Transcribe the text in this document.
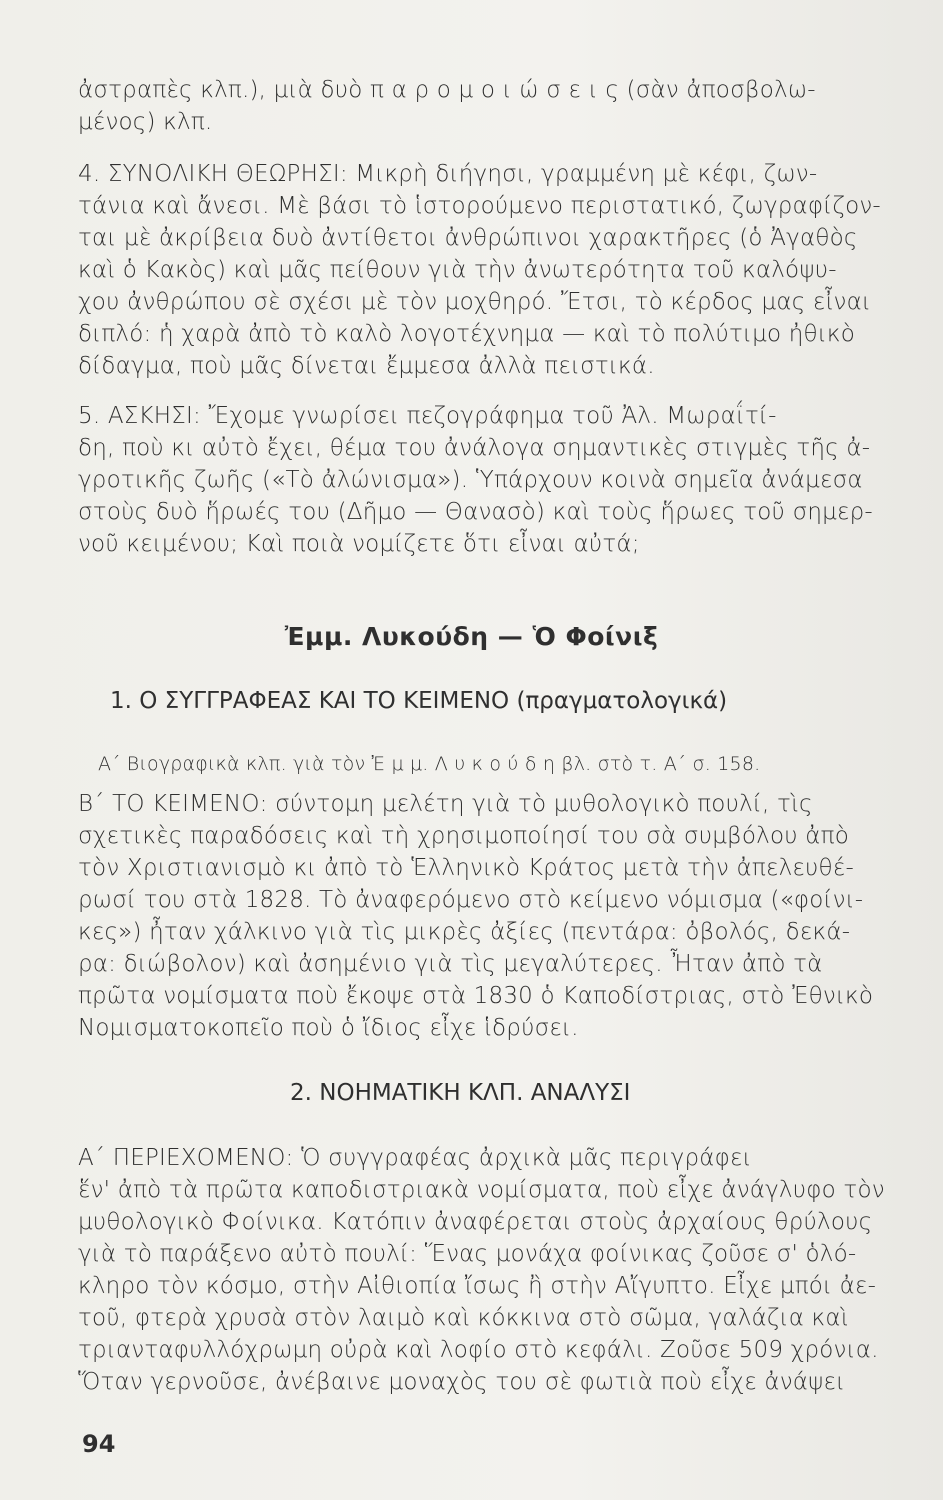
ἀστραπὲς κλπ.), μιὰ δυὸ π α ρ ο μ ο ι ώ σ ε ι ς (σὰν ἀποσβολω-
μένος) κλπ.
4. ΣΥΝΟΛΙΚΗ ΘΕΩΡΗΣΙ: Μικρὴ διήγησι, γραμμένη μὲ κέφι, ζων-
τάνια καὶ ἄνεσι. Μὲ βάσι τὸ ἱστορούμενο περιστατικό, ζωγραφίζον-
ται μὲ ἀκρίβεια δυὸ ἀντίθετοι ἀνθρώπινοι χαρακτῆρες (ὁ Ἀγαθὸς
καὶ ὁ Κακὸς) καὶ μᾶς πείθουν γιὰ τὴν ἀνωτερότητα τοῦ καλόψυ-
χου ἀνθρώπου σὲ σχέσι μὲ τὸν μοχθηρό. Ἔτσι, τὸ κέρδος μας εἶναι
διπλό: ἡ χαρὰ ἀπὸ τὸ καλὸ λογοτέχνημα — καὶ τὸ πολύτιμο ἠθικὸ
δίδαγμα, ποὺ μᾶς δίνεται ἔμμεσα ἀλλὰ πειστικά.
5. ΑΣΚΗΣΙ: Ἔχομε γνωρίσει πεζογράφημα τοῦ Ἀλ. Μωραΐτί-
δη, ποὺ κι αὐτὸ ἔχει, θέμα του ἀνάλογα σημαντικὲς στιγμὲς τῆς ἀ-
γροτικῆς ζωῆς («Τὸ ἀλώνισμα»). Ὑπάρχουν κοινὰ σημεῖα ἀνάμεσα
στοὺς δυὸ ἥρωές του (Δῆμο — Θανασὸ) καὶ τοὺς ἥρωες τοῦ σημερ-
νοῦ κειμένου; Καὶ ποιὰ νομίζετε ὅτι εἶναι αὐτά;
Ἐμμ. Λυκούδη — Ὁ Φοίνιξ
1. Ο ΣΥΓΓΡΑΦΕΑΣ ΚΑΙ ΤΟ ΚΕΙΜΕΝΟ (πραγματολογικά)
Α΄ Βιογραφικὰ κλπ. γιὰ τὸν Ἐ μ μ. Λ υ κ ο ύ δ η βλ. στὸ τ. Α΄ σ. 158.
Β΄ ΤΟ ΚΕΙΜΕΝΟ: σύντομη μελέτη γιὰ τὸ μυθολογικὸ πουλί, τὶς
σχετικὲς παραδόσεις καὶ τὴ χρησιμοποίησί του σὰ συμβόλου ἀπὸ
τὸν Χριστιανισμὸ κι ἀπὸ τὸ Ἑλληνικὸ Κράτος μετὰ τὴν ἀπελευθέ-
ρωσί του στὰ 1828. Τὸ ἀναφερόμενο στὸ κείμενο νόμισμα («φοίνι-
κες») ἦταν χάλκινο γιὰ τὶς μικρὲς ἀξίες (πεντάρα: ὀβολός, δεκά-
ρα: διώβολον) καὶ ἀσημένιο γιὰ τὶς μεγαλύτερες. Ἦταν ἀπὸ τὰ
πρῶτα νομίσματα ποὺ ἔκοψε στὰ 1830 ὁ Καποδίστριας, στὸ Ἐθνικὸ
Νομισματοκοπεῖο ποὺ ὁ ἴδιος εἶχε ἱδρύσει.
2. ΝΟΗΜΑΤΙΚΗ ΚΛΠ. ΑΝΑΛΥΣΙ
Α΄ ΠΕΡΙΕΧΟΜΕΝΟ: Ὁ συγγραφέας ἀρχικὰ μᾶς περιγράφει
ἕν' ἀπὸ τὰ πρῶτα καποδιστριακὰ νομίσματα, ποὺ εἶχε ἀνάγλυφο τὸν
μυθολογικὸ Φοίνικα. Κατόπιν ἀναφέρεται στοὺς ἀρχαίους θρύλους
γιὰ τὸ παράξενο αὐτὸ πουλί: Ἕνας μονάχα φοίνικας ζοῦσε σ' ὁλό-
κληρο τὸν κόσμο, στὴν Αἰθιοπία ἴσως ἢ στὴν Αἴγυπτο. Εἶχε μπόι ἀε-
τοῦ, φτερὰ χρυσὰ στὸν λαιμὸ καὶ κόκκινα στὸ σῶμα, γαλάζια καὶ
τριανταφυλλόχρωμη οὐρὰ καὶ λοφίο στὸ κεφάλι. Ζοῦσε 509 χρόνια.
Ὅταν γερνοῦσε, ἀνέβαινε μοναχὸς του σὲ φωτιὰ ποὺ εἶχε ἀνάψει
94
